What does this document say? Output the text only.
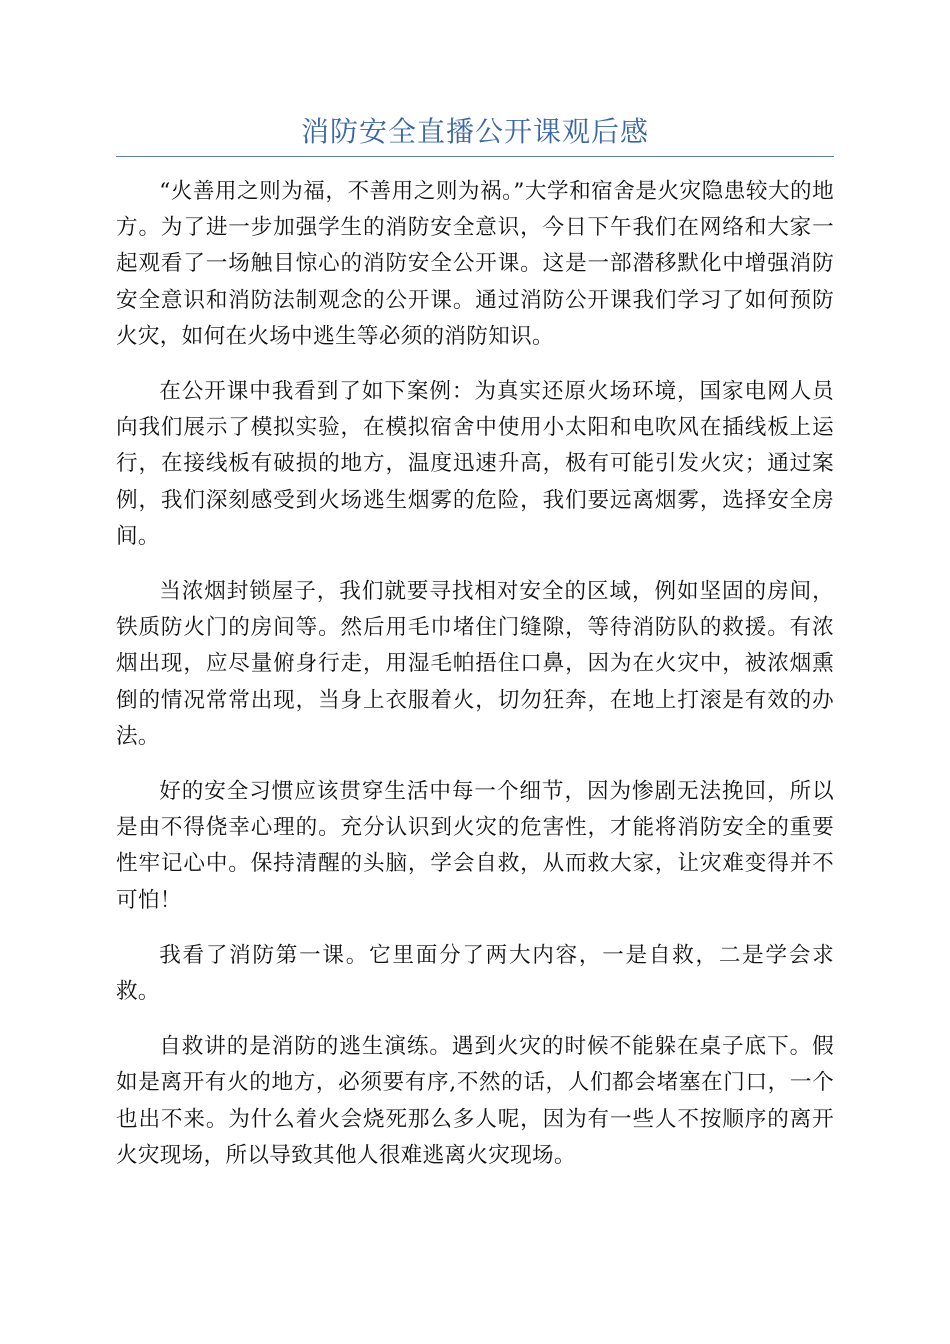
消防安全直播公开课观后感

“火善用之则为福，不善用之则为祸。”大学和宿舍是火灾隐患较大的地方。为了进一步加强学生的消防安全意识，今日下午我们在网络和大家一起观看了一场触目惊心的消防安全公开课。这是一部潜移默化中增强消防安全意识和消防法制观念的公开课。通过消防公开课我们学习了如何预防火灾，如何在火场中逃生等必须的消防知识。

在公开课中我看到了如下案例：为真实还原火场环境，国家电网人员向我们展示了模拟实验，在模拟宿舍中使用小太阳和电吹风在插线板上运行，在接线板有破损的地方，温度迅速升高，极有可能引发火灾；通过案例，我们深刻感受到火场逃生烟雾的危险，我们要远离烟雾，选择安全房间。

当浓烟封锁屋子，我们就要寻找相对安全的区域，例如坚固的房间，铁质防火门的房间等。然后用毛巾堵住门缝隙，等待消防队的救援。有浓烟出现，应尽量俯身行走，用湿毛帕捂住口鼻，因为在火灾中，被浓烟熏倒的情况常常出现，当身上衣服着火，切勿狂奔，在地上打滚是有效的办法。

好的安全习惯应该贯穿生活中每一个细节，因为惨剧无法挽回，所以是由不得侥幸心理的。充分认识到火灾的危害性，才能将消防安全的重要性牢记心中。保持清醒的头脑，学会自救，从而救大家，让灾难变得并不可怕！

我看了消防第一课。它里面分了两大内容，一是自救，二是学会求救。

自救讲的是消防的逃生演练。遇到火灾的时候不能躲在桌子底下。假如是离开有火的地方，必须要有序,不然的话，人们都会堵塞在门口，一个也出不来。为什么着火会烧死那么多人呢，因为有一些人不按顺序的离开火灾现场，所以导致其他人很难逃离火灾现场。
